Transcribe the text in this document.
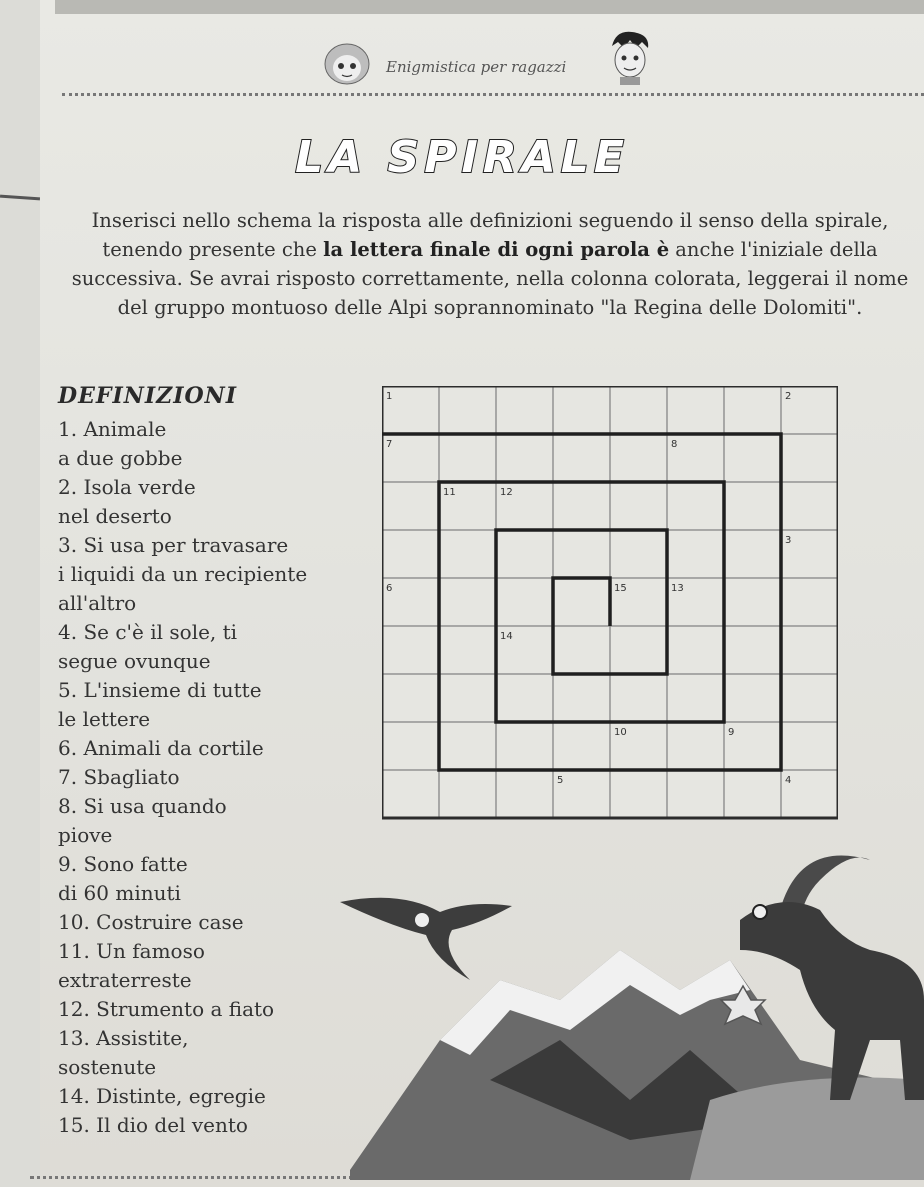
Enigmistica per ragazzi
LA SPIRALE
Inserisci nello schema la risposta alle definizioni seguendo il senso della spirale, tenendo presente che la lettera finale di ogni parola è anche l'iniziale della successiva. Se avrai risposto correttamente, nella colonna colorata, leggerai il nome del gruppo montuoso delle Alpi soprannominato "la Regina delle Dolomiti".
DEFINIZIONI
1. Animale
a due gobbe
2. Isola verde
nel deserto
3. Si usa per travasare
i liquidi da un recipiente all'altro
4. Se c'è il sole, ti
segue ovunque
5. L'insieme di tutte
le lettere
6. Animali da cortile
7. Sbagliato
8. Si usa quando
piove
9. Sono fatte
di 60 minuti
10. Costruire case
11. Un famoso
extraterreste
12. Strumento a fiato
13. Assistite,
sostenute
14. Distinte, egregie
15. Il dio del vento
1	2
7	8
11	12
3
6	15	13
14
10	9
5	4
